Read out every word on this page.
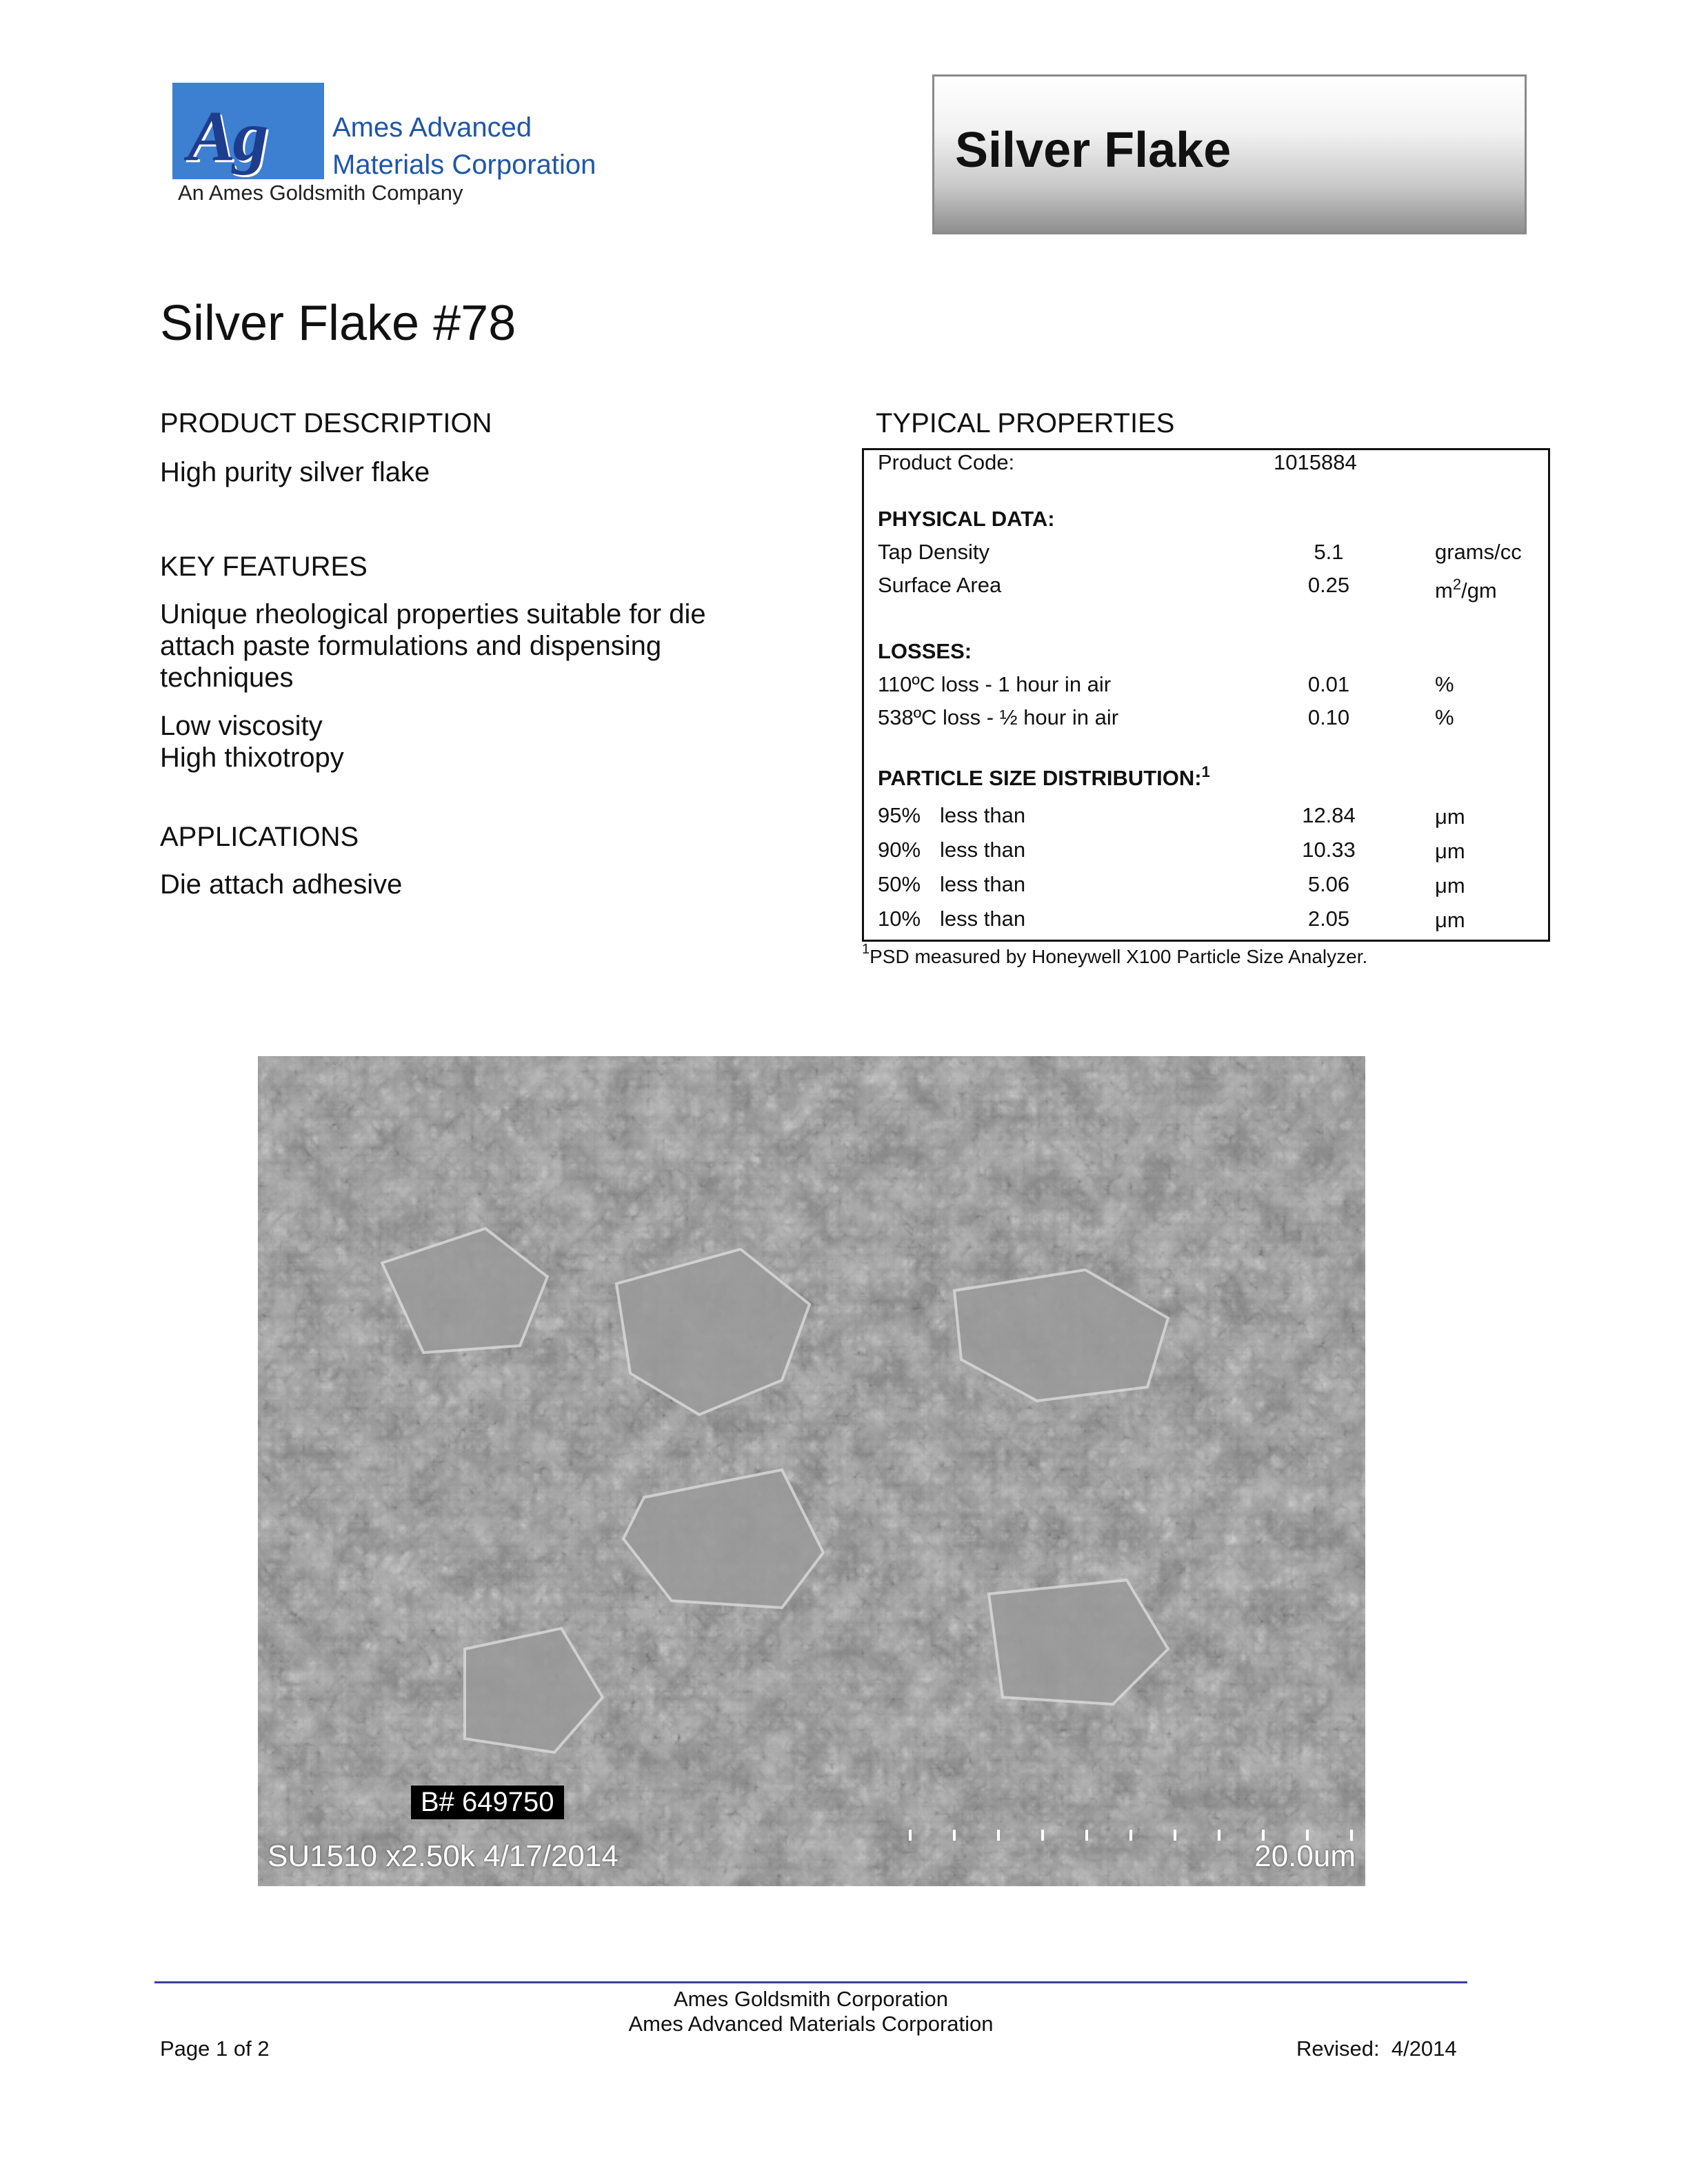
Ag Ames Advanced
Materials Corporation
An Ames Goldsmith Company
Silver Flake
Silver Flake #78
PRODUCT DESCRIPTION
High purity silver flake
KEY FEATURES
Unique rheological properties suitable for die
attach paste formulations and dispensing
techniques
Low viscosity
High thixotropy
APPLICATIONS
Die attach adhesive
TYPICAL PROPERTIES
Product Code:	1015884
PHYSICAL DATA:
Tap Density	5.1	grams/cc
Surface Area	0.25	$m^2/gm$
LOSSES:
110ºC loss - 1 hour in air	0.01	%
538ºC loss - ½ hour in air	0.10	%
PARTICLE SIZE DISTRIBUTION:$^1$
95% less than	12.84	μm
90% less than	10.33	μm
50% less than	5.06	μm
10% less than	2.05	μm
$^1$PSD measured by Honeywell X100 Particle Size Analyzer.
B# 649750
SU1510 x2.50k 4/17/2014	20.0um
Ames Goldsmith Corporation
Ames Advanced Materials Corporation
Page 1 of 2	Revised:  4/2014
